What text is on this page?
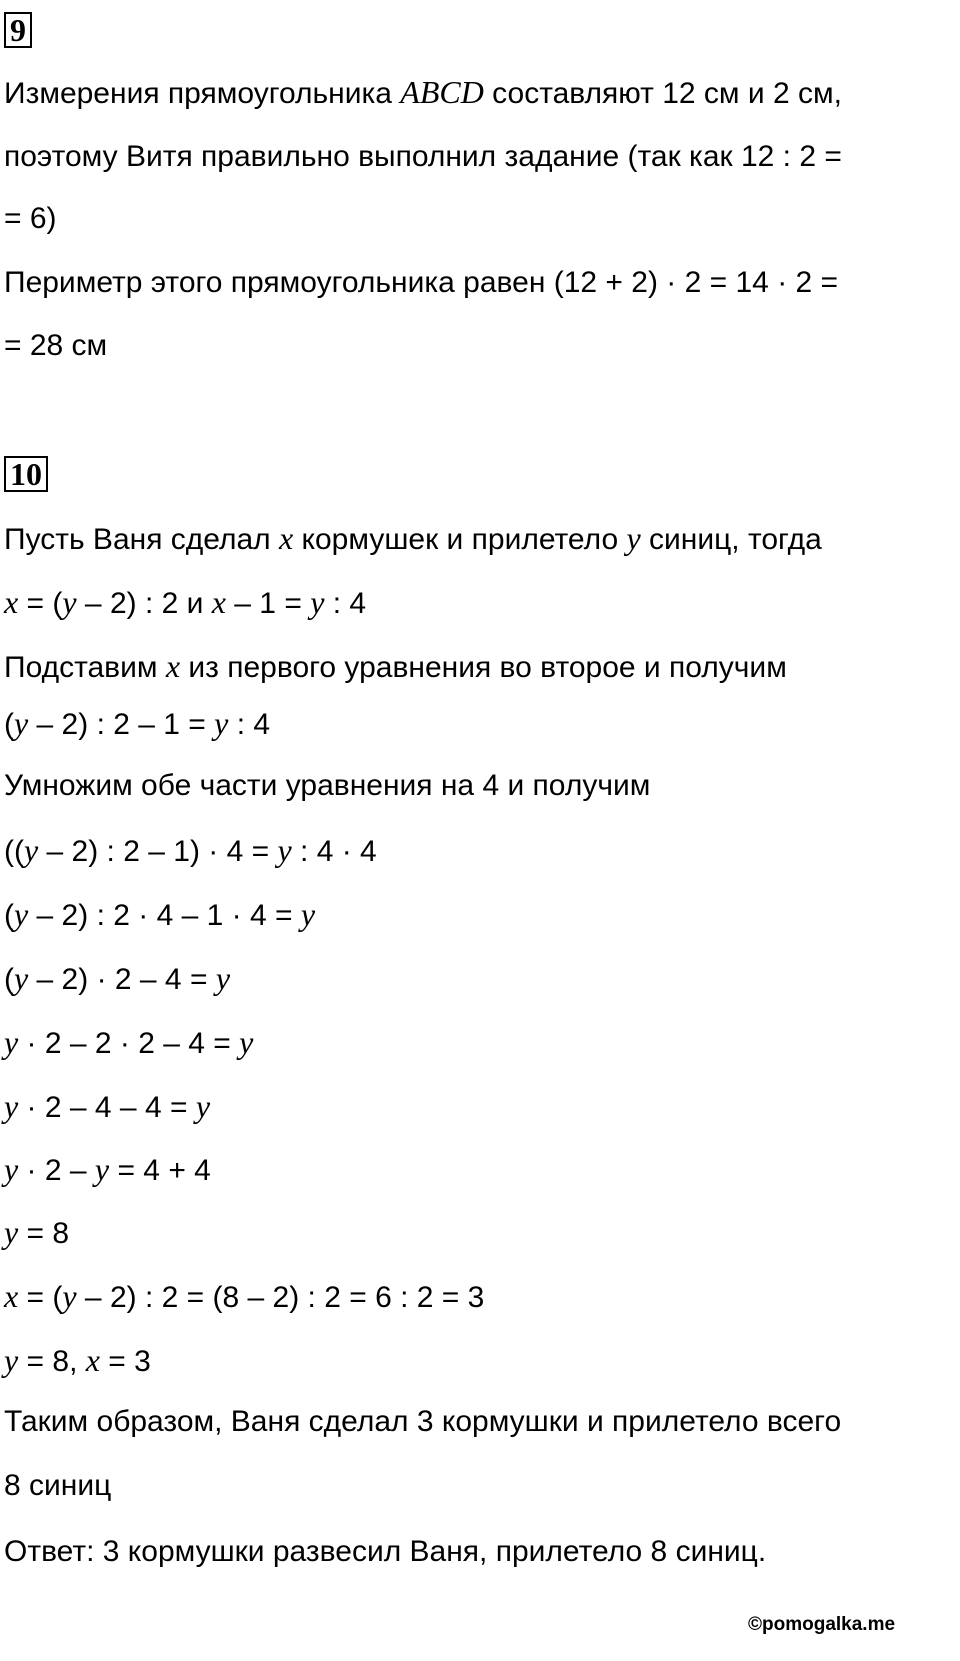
9
Измерения прямоугольника ABCD составляют 12 см и 2 см,
поэтому Витя правильно выполнил задание (так как 12 : 2 =
= 6)
Периметр этого прямоугольника равен (12 + 2) · 2 = 14 · 2 =
= 28 см
10
Пусть Ваня сделал x кормушек и прилетело y синиц, тогда
x = (y – 2) : 2 и x – 1 = y : 4
Подставим x из первого уравнения во второе и получим
(y – 2) : 2 – 1 = y : 4
Умножим обе части уравнения на 4 и получим
((y – 2) : 2 – 1) · 4 = y : 4 · 4
(y – 2) : 2 · 4 – 1 · 4 = y
(y – 2) · 2 – 4 = y
y · 2 – 2 · 2 – 4 = y
y · 2 – 4 – 4 = y
y · 2 – y = 4 + 4
y = 8
x = (y – 2) : 2 = (8 – 2) : 2 = 6 : 2 = 3
y = 8, x = 3
Таким образом, Ваня сделал 3 кормушки и прилетело всего
8 синиц
Ответ: 3 кормушки развесил Ваня, прилетело 8 синиц.
©pomogalka.me
